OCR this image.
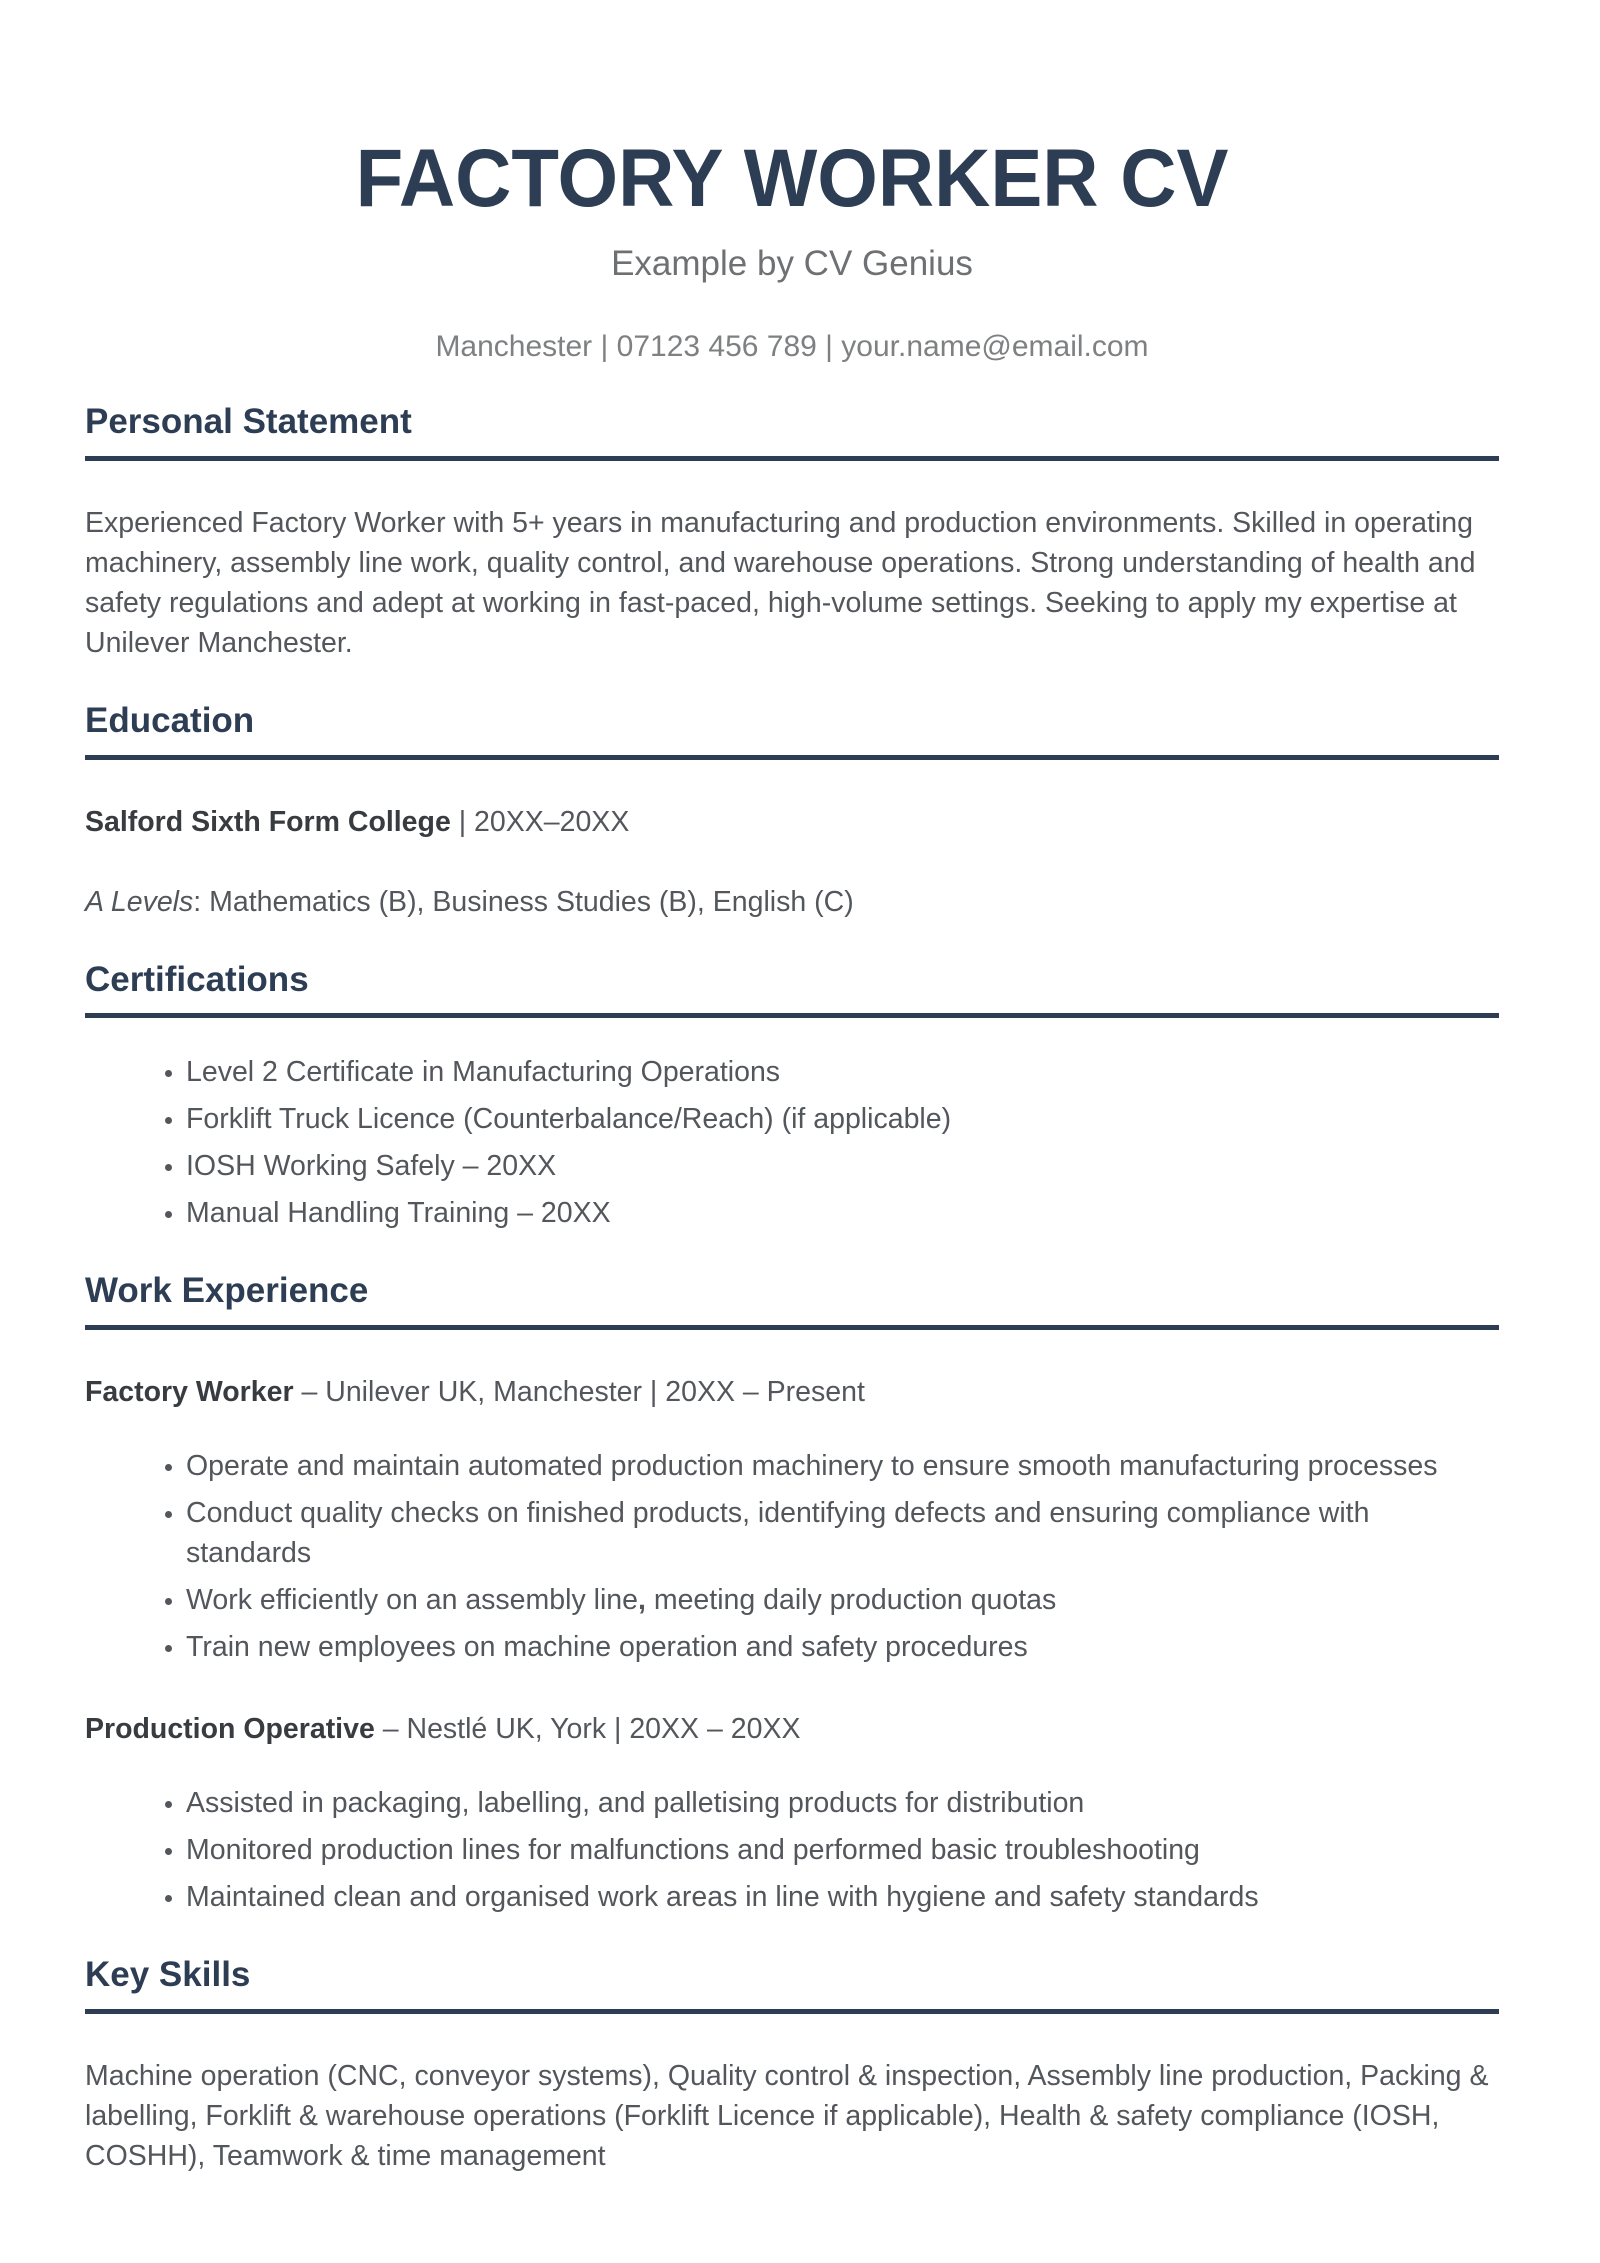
FACTORY WORKER CV
Example by CV Genius
Manchester | 07123 456 789 | your.name@email.com
Personal Statement

Experienced Factory Worker with 5+ years in manufacturing and production environments. Skilled in operating machinery, assembly line work, quality control, and warehouse operations. Strong understanding of health and safety regulations and adept at working in fast-paced, high-volume settings. Seeking to apply my expertise at Unilever Manchester.

Education

Salford Sixth Form College | 20XX–20XX

A Levels: Mathematics (B), Business Studies (B), English (C)

Certifications
• Level 2 Certificate in Manufacturing Operations
• Forklift Truck Licence (Counterbalance/Reach) (if applicable)
• IOSH Working Safely – 20XX
• Manual Handling Training – 20XX
Work Experience

Factory Worker – Unilever UK, Manchester | 20XX – Present

• Operate and maintain automated production machinery to ensure smooth manufacturing processes
• Conduct quality checks on finished products, identifying defects and ensuring compliance with standards
• Work efficiently on an assembly line, meeting daily production quotas
• Train new employees on machine operation and safety procedures

Production Operative – Nestlé UK, York | 20XX – 20XX

• Assisted in packaging, labelling, and palletising products for distribution
• Monitored production lines for malfunctions and performed basic troubleshooting
• Maintained clean and organised work areas in line with hygiene and safety standards
Key Skills

Machine operation (CNC, conveyor systems), Quality control & inspection, Assembly line production, Packing & labelling, Forklift & warehouse operations (Forklift Licence if applicable), Health & safety compliance (IOSH, COSHH), Teamwork & time management
